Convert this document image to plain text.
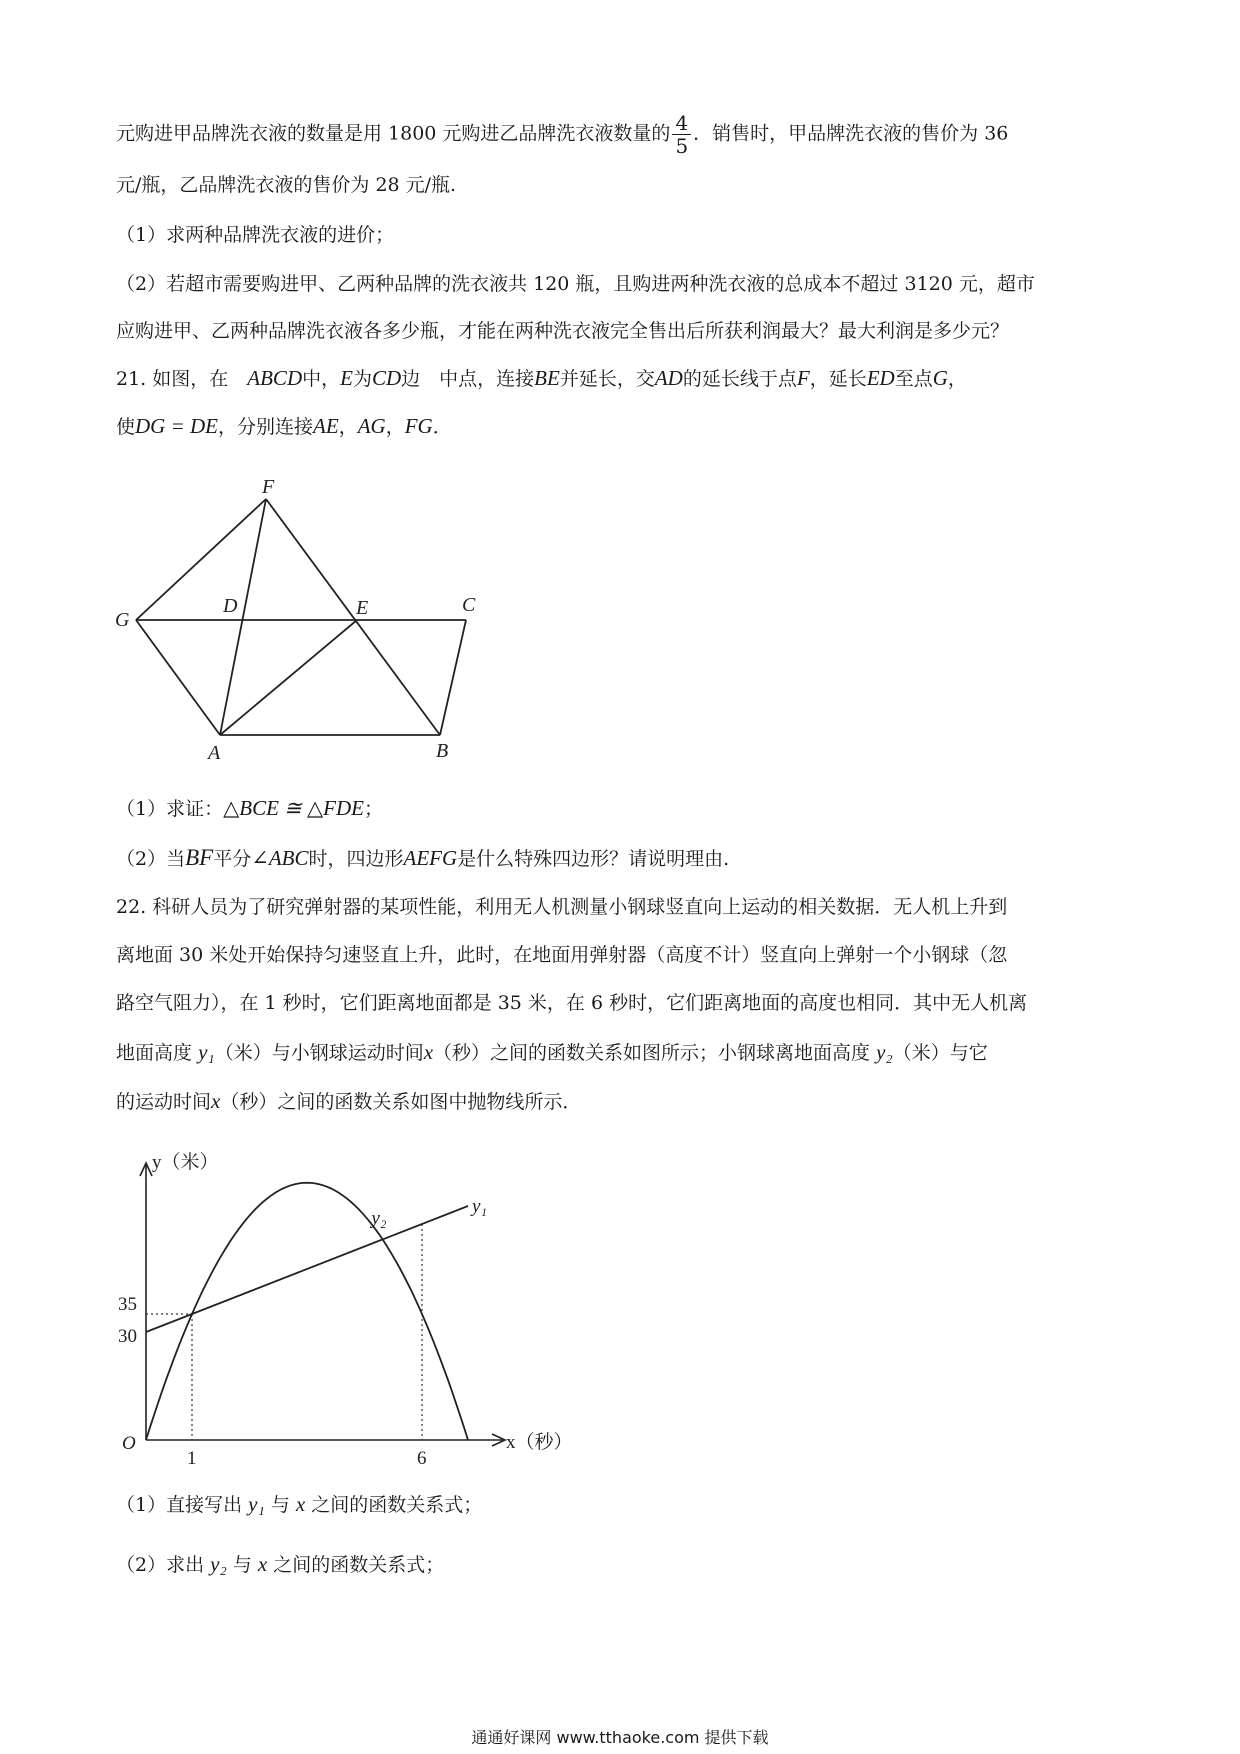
元购进甲品牌洗衣液的数量是用 1800 元购进乙品牌洗衣液数量的 $\frac{4}{5}$ ．销售时，甲品牌洗衣液的售价为 36
元/瓶，乙品牌洗衣液的售价为 28 元/瓶.
（1）求两种品牌洗衣液的进价；
（2）若超市需要购进甲、乙两种品牌的洗衣液共 120 瓶，且购进两种洗衣液的总成本不超过 3120 元，超市
应购进甲、乙两种品牌洗衣液各多少瓶，才能在两种洗衣液完全售出后所获利润最大？最大利润是多少元？
21. 如图，在　 ABCD中，E为CD边　中点，连接BE并延长，交AD的延长线于点F，延长ED至点G，
使DG = DE，分别连接AE，AG，FG．
F
D	E	C
G
A	B
（1）求证：△BCE ≅ △FDE；
（2）当BF平分∠ABC时，四边形AEFG是什么特殊四边形？请说明理由.
22. 科研人员为了研究弹射器的某项性能，利用无人机测量小钢球竖直向上运动的相关数据．无人机上升到
离地面 30 米处开始保持匀速竖直上升，此时，在地面用弹射器（高度不计）竖直向上弹射一个小钢球（忽
路空气阻力），在 1 秒时，它们距离地面都是 35 米，在 6 秒时，它们距离地面的高度也相同．其中无人机离
地面高度 y₁（米）与小钢球运动时间x（秒）之间的函数关系如图所示；小钢球离地面高度 y₂（米）与它
的运动时间x（秒）之间的函数关系如图中抛物线所示．
1	6
35
30
y₁
y₂
y（米）
x（秒）
O
（1）直接写出 y₁ 与 x 之间的函数关系式；
（2）求出 y₂ 与 x 之间的函数关系式；
通通好课网 www.tthaoke.com 提供下载
